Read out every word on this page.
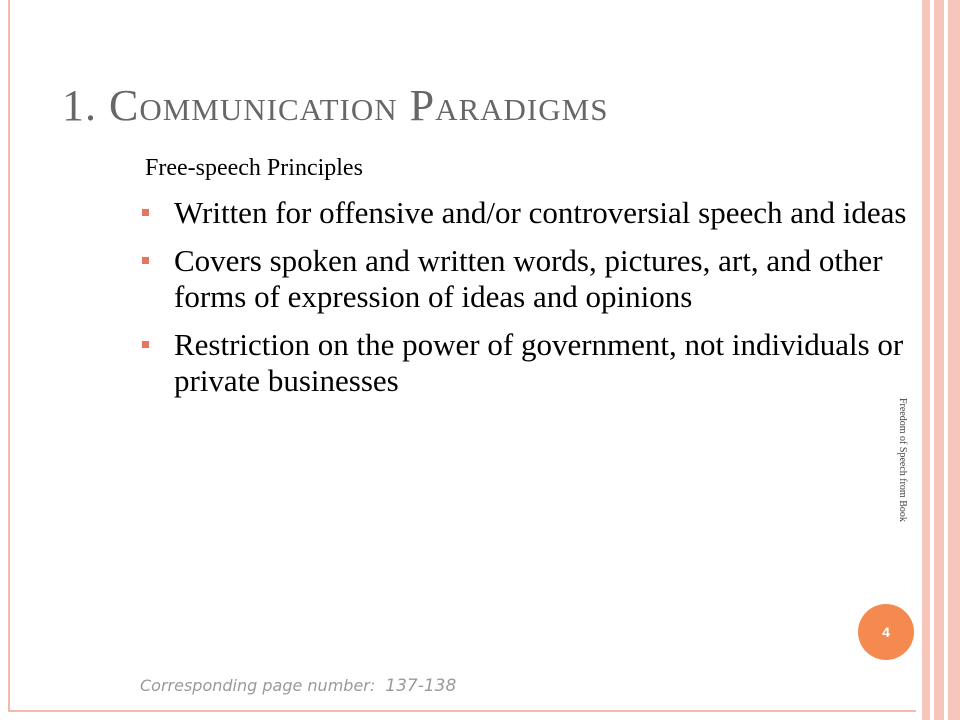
1. Communication Paradigms
Free-speech Principles
Written for offensive and/or controversial speech and ideas
Covers spoken and written words, pictures, art, and other forms of expression of ideas and opinions
Restriction on the power of government, not individuals or private businesses
Freedom of Speech from Book
4
Corresponding page number: 137-138
